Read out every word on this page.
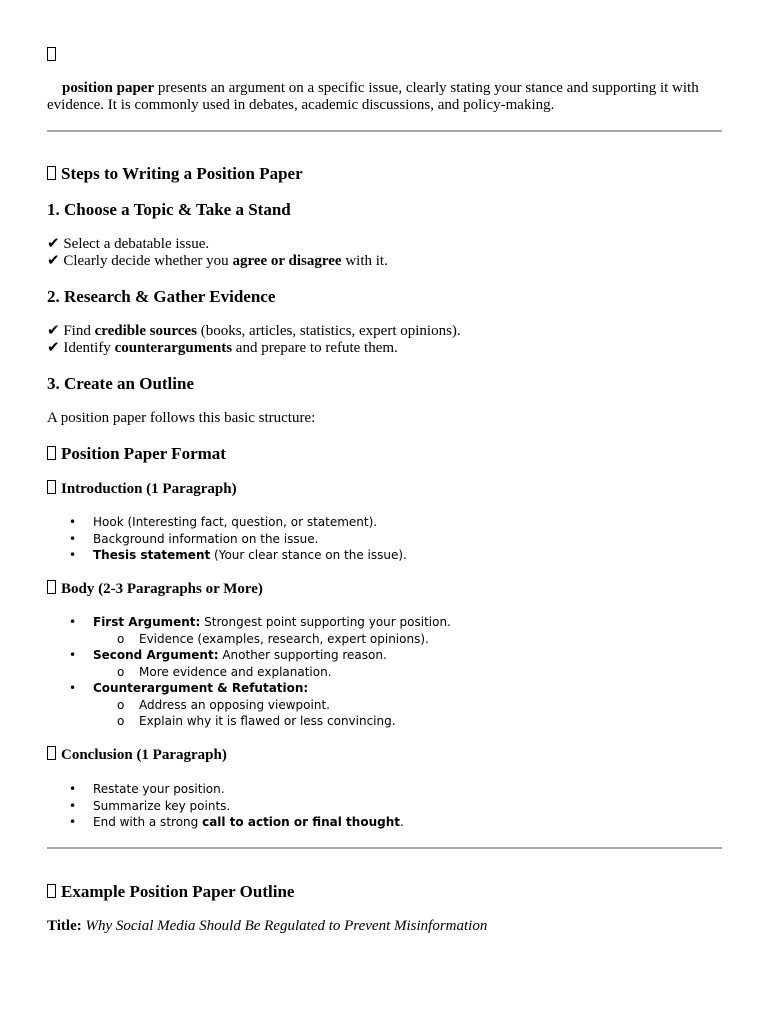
position paper presents an argument on a specific issue, clearly stating your stance and supporting it with evidence. It is commonly used in debates, academic discussions, and policy-making.

Steps to Writing a Position Paper
1. Choose a Topic & Take a Stand
✔ Select a debatable issue.
✔ Clearly decide whether you agree or disagree with it.
2. Research & Gather Evidence
✔ Find credible sources (books, articles, statistics, expert opinions).
✔ Identify counterarguments and prepare to refute them.
3. Create an Outline

A position paper follows this basic structure:

Position Paper Format
Introduction (1 Paragraph)
• Hook (Interesting fact, question, or statement).
• Background information on the issue.
• Thesis statement (Your clear stance on the issue).
Body (2-3 Paragraphs or More)
• First Argument: Strongest point supporting your position.
o Evidence (examples, research, expert opinions).
• Second Argument: Another supporting reason.
o More evidence and explanation.
• Counterargument & Refutation:
o Address an opposing viewpoint.
o Explain why it is flawed or less convincing.
Conclusion (1 Paragraph)
• Restate your position.
• Summarize key points.
• End with a strong call to action or final thought.
Example Position Paper Outline

Title: Why Social Media Should Be Regulated to Prevent Misinformation
